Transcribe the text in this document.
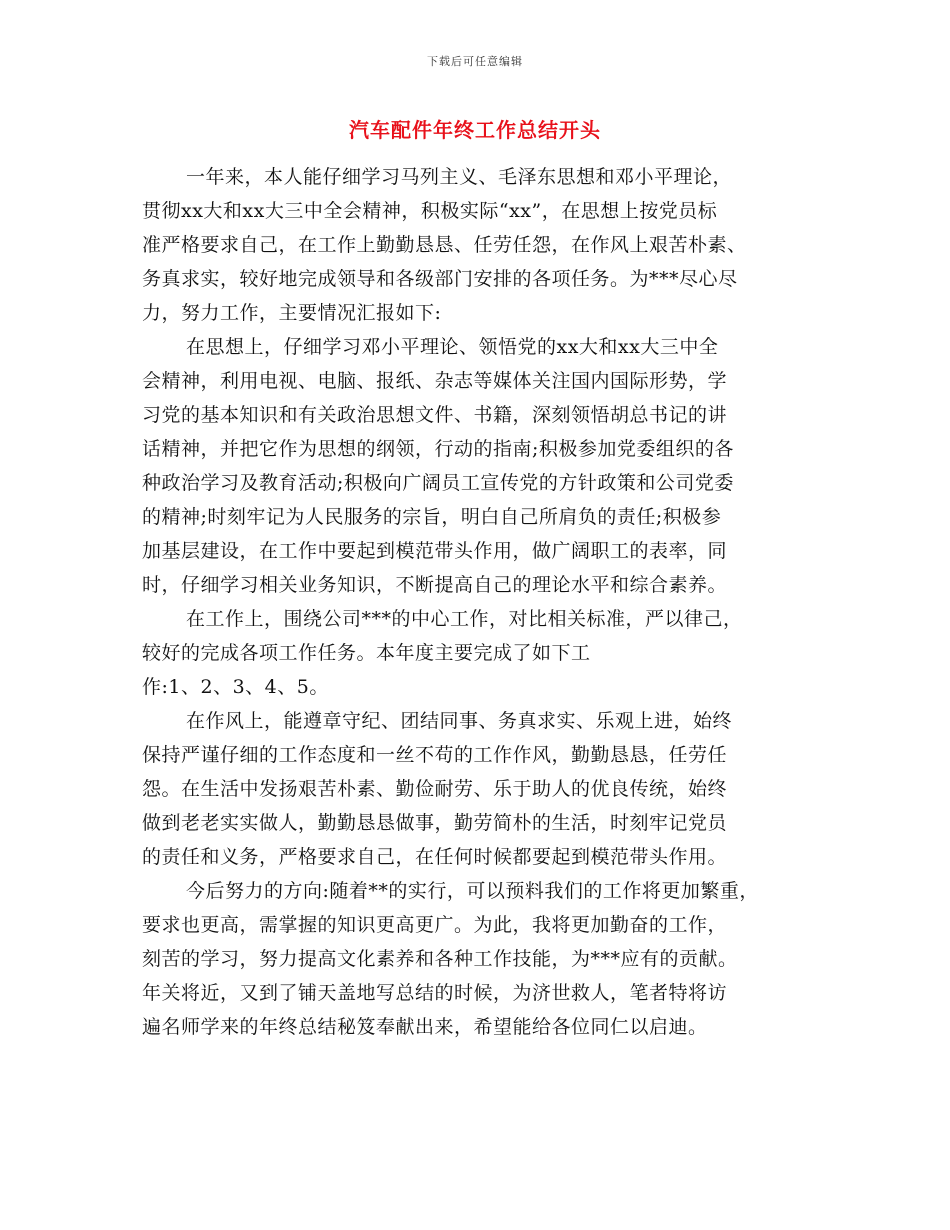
下载后可任意编辑
汽车配件年终工作总结开头

一年来，本人能仔细学习马列主义、毛泽东思想和邓小平理论，
贯彻xx大和xx大三中全会精神，积极实际“xx”，在思想上按党员标
准严格要求自己，在工作上勤勤恳恳、任劳任怨，在作风上艰苦朴素、
务真求实，较好地完成领导和各级部门安排的各项任务。为***尽心尽
力，努力工作，主要情况汇报如下:

在思想上，仔细学习邓小平理论、领悟党的xx大和xx大三中全
会精神，利用电视、电脑、报纸、杂志等媒体关注国内国际形势，学
习党的基本知识和有关政治思想文件、书籍，深刻领悟胡总书记的讲
话精神，并把它作为思想的纲领，行动的指南;积极参加党委组织的各
种政治学习及教育活动;积极向广阔员工宣传党的方针政策和公司党委
的精神;时刻牢记为人民服务的宗旨，明白自己所肩负的责任;积极参
加基层建设，在工作中要起到模范带头作用，做广阔职工的表率，同
时，仔细学习相关业务知识，不断提高自己的理论水平和综合素养。

在工作上，围绕公司***的中心工作，对比相关标准，严以律己，
较好的完成各项工作任务。本年度主要完成了如下工
作:1、2、3、4、5。

在作风上，能遵章守纪、团结同事、务真求实、乐观上进，始终
保持严谨仔细的工作态度和一丝不苟的工作作风，勤勤恳恳，任劳任
怨。在生活中发扬艰苦朴素、勤俭耐劳、乐于助人的优良传统，始终
做到老老实实做人，勤勤恳恳做事，勤劳简朴的生活，时刻牢记党员
的责任和义务，严格要求自己，在任何时候都要起到模范带头作用。

今后努力的方向:随着**的实行，可以预料我们的工作将更加繁重，
要求也更高，需掌握的知识更高更广。为此，我将更加勤奋的工作，
刻苦的学习，努力提高文化素养和各种工作技能，为***应有的贡献。
年关将近，又到了铺天盖地写总结的时候，为济世救人，笔者特将访
遍名师学来的年终总结秘笈奉献出来，希望能给各位同仁以启迪。
